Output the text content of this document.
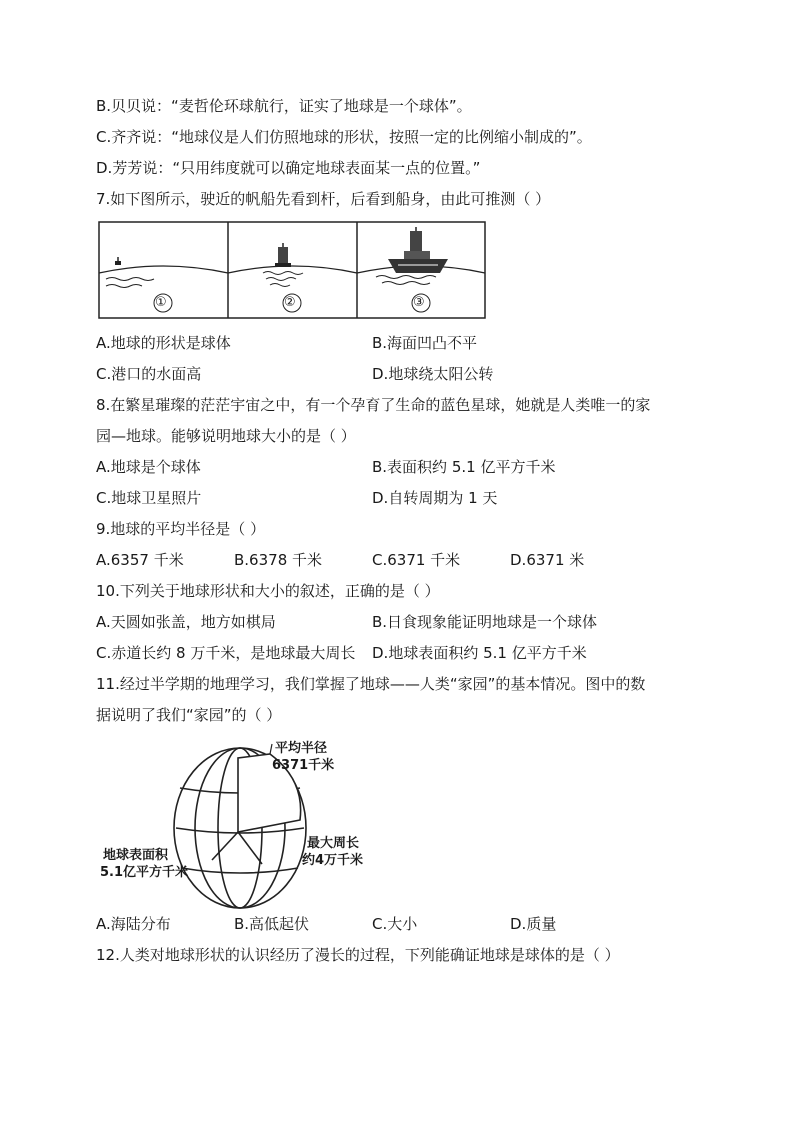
B.贝贝说：“麦哲伦环球航行，证实了地球是一个球体”。
C.齐齐说：“地球仪是人们仿照地球的形状，按照一定的比例缩小制成的”。
D.芳芳说：“只用纬度就可以确定地球表面某一点的位置。”
7.如下图所示，驶近的帆船先看到杆，后看到船身，由此可推测（ ）
①	②	③
A.地球的形状是球体	B.海面凹凸不平
C.港口的水面高	D.地球绕太阳公转
8.在繁星璀璨的茫茫宇宙之中，有一个孕育了生命的蓝色星球，她就是人类唯一的家
园—地球。能够说明地球大小的是（ ）
A.地球是个球体	B.表面积约 5.1 亿平方千米
C.地球卫星照片	D.自转周期为 1 天
9.地球的平均半径是（ ）
A.6357 千米	B.6378 千米	C.6371 千米	D.6371 米
10.下列关于地球形状和大小的叙述，正确的是（ ）
A.天圆如张盖，地方如棋局	B.日食现象能证明地球是一个球体
C.赤道长约 8 万千米，是地球最大周长 D.地球表面积约 5.1 亿平方千米
11.经过半学期的地理学习，我们掌握了地球——人类“家园”的基本情况。图中的数
据说明了我们“家园”的（ ）
平均半径
6371千米
地球表面积
5.1亿平方千米
最大周长
约4万千米
A.海陆分布	B.高低起伏	C.大小	D.质量
12.人类对地球形状的认识经历了漫长的过程，下列能确证地球是球体的是（ ）
